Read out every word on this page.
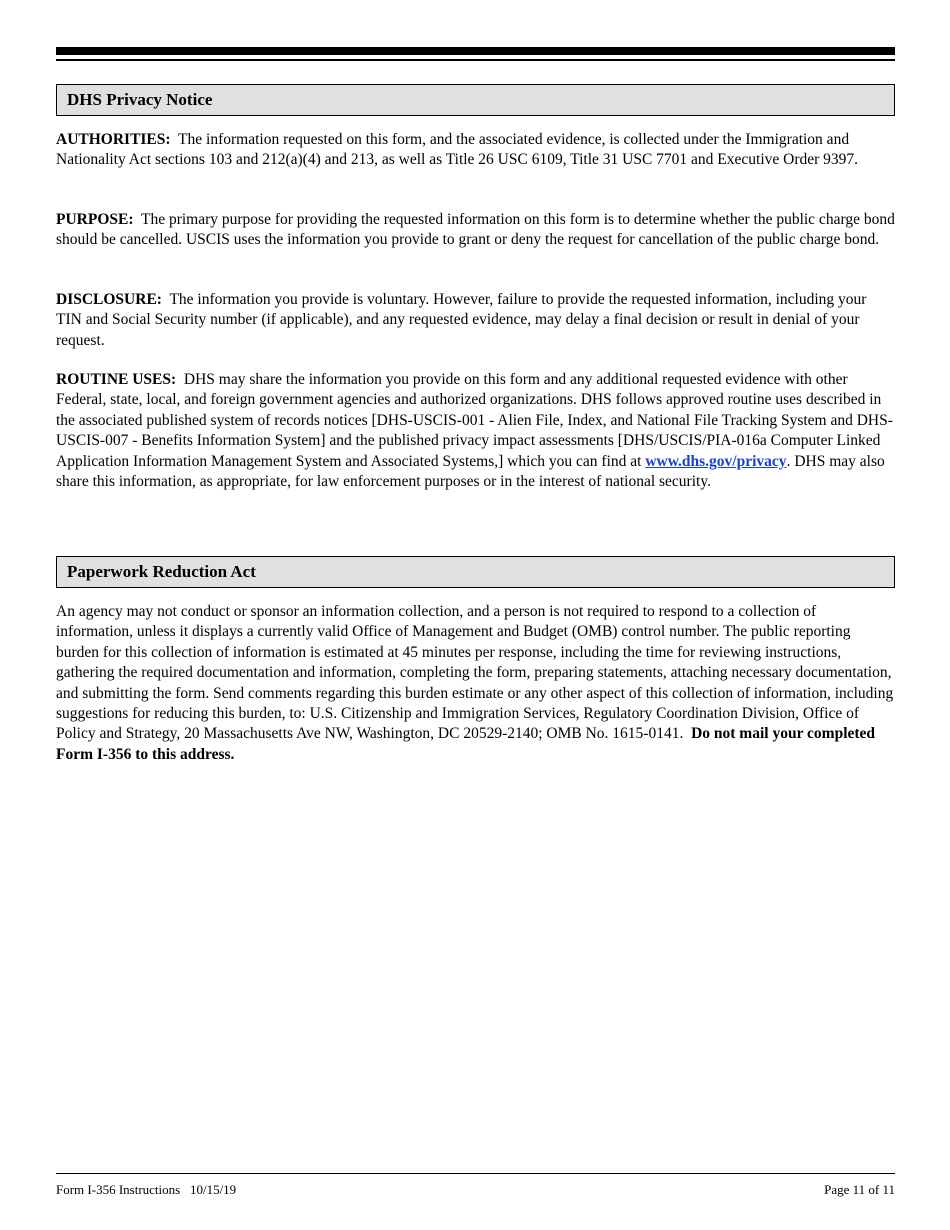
DHS Privacy Notice

AUTHORITIES: The information requested on this form, and the associated evidence, is collected under the Immigration and Nationality Act sections 103 and 212(a)(4) and 213, as well as Title 26 USC 6109, Title 31 USC 7701 and Executive Order 9397.

PURPOSE: The primary purpose for providing the requested information on this form is to determine whether the public charge bond should be cancelled. USCIS uses the information you provide to grant or deny the request for cancellation of the public charge bond.

DISCLOSURE: The information you provide is voluntary. However, failure to provide the requested information, including your TIN and Social Security number (if applicable), and any requested evidence, may delay a final decision or result in denial of your request.

ROUTINE USES: DHS may share the information you provide on this form and any additional requested evidence with other Federal, state, local, and foreign government agencies and authorized organizations. DHS follows approved routine uses described in the associated published system of records notices [DHS-USCIS-001 - Alien File, Index, and National File Tracking System and DHS-USCIS-007 - Benefits Information System] and the published privacy impact assessments [DHS/USCIS/PIA-016a Computer Linked Application Information Management System and Associated Systems,] which you can find at www.dhs.gov/privacy. DHS may also share this information, as appropriate, for law enforcement purposes or in the interest of national security.

Paperwork Reduction Act

An agency may not conduct or sponsor an information collection, and a person is not required to respond to a collection of information, unless it displays a currently valid Office of Management and Budget (OMB) control number. The public reporting burden for this collection of information is estimated at 45 minutes per response, including the time for reviewing instructions, gathering the required documentation and information, completing the form, preparing statements, attaching necessary documentation, and submitting the form. Send comments regarding this burden estimate or any other aspect of this collection of information, including suggestions for reducing this burden, to: U.S. Citizenship and Immigration Services, Regulatory Coordination Division, Office of Policy and Strategy, 20 Massachusetts Ave NW, Washington, DC 20529-2140; OMB No. 1615-0141. Do not mail your completed Form I-356 to this address.

Form I-356 Instructions   10/15/19	Page 11 of 11
